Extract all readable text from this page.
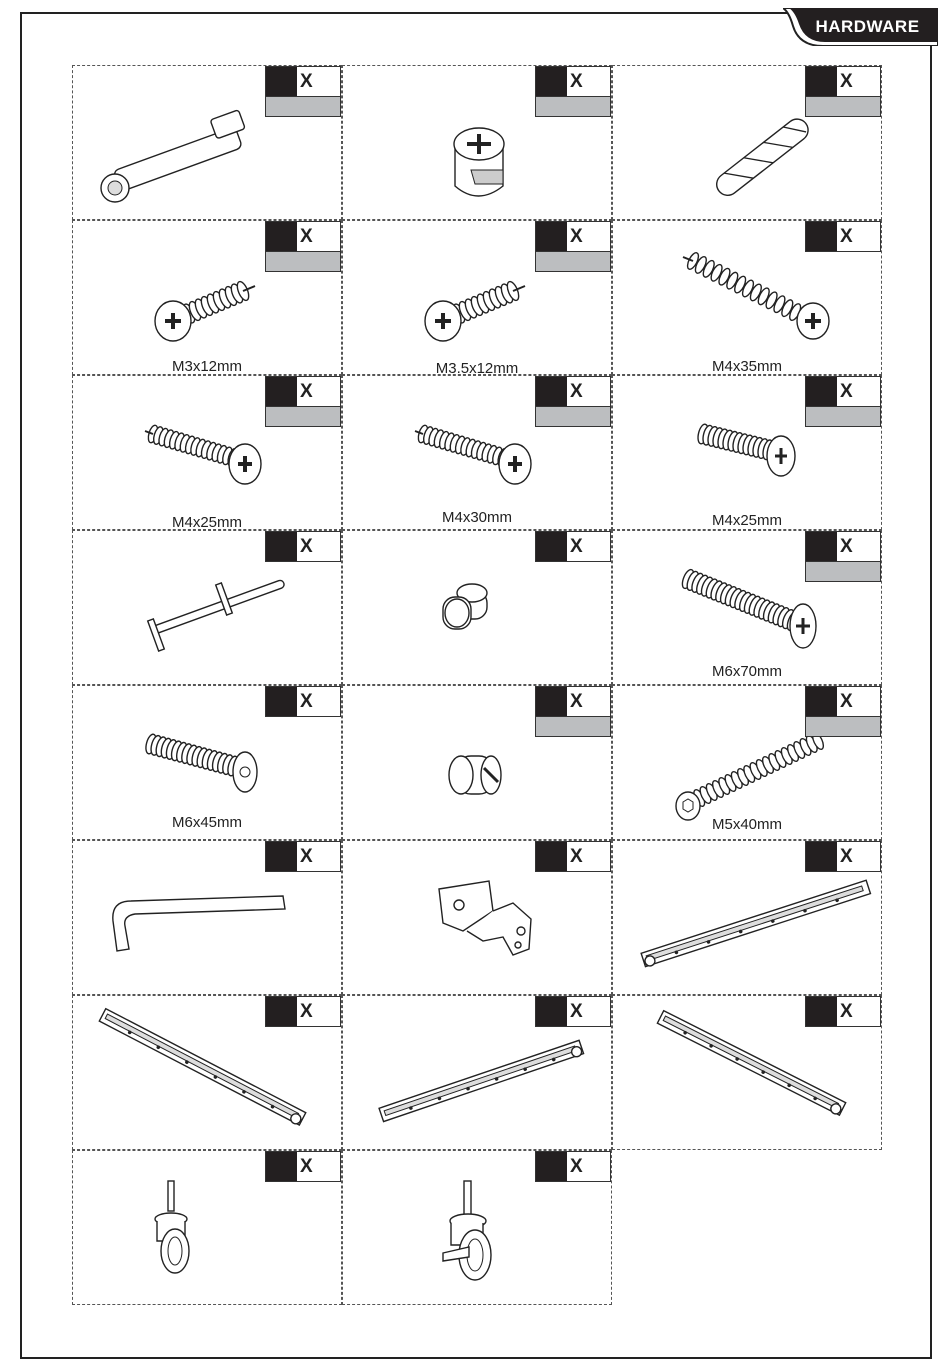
HARDWARE
X	X	X
X
M3x12mm
X
M3.5x12mm
X
M4x35mm
X
M4x25mm
X
M4x30mm
X
M4x25mm
X	X	X
M6x70mm
X
M6x45mm
X	X
M5x40mm
X	X	X
X	X	X
X	X
